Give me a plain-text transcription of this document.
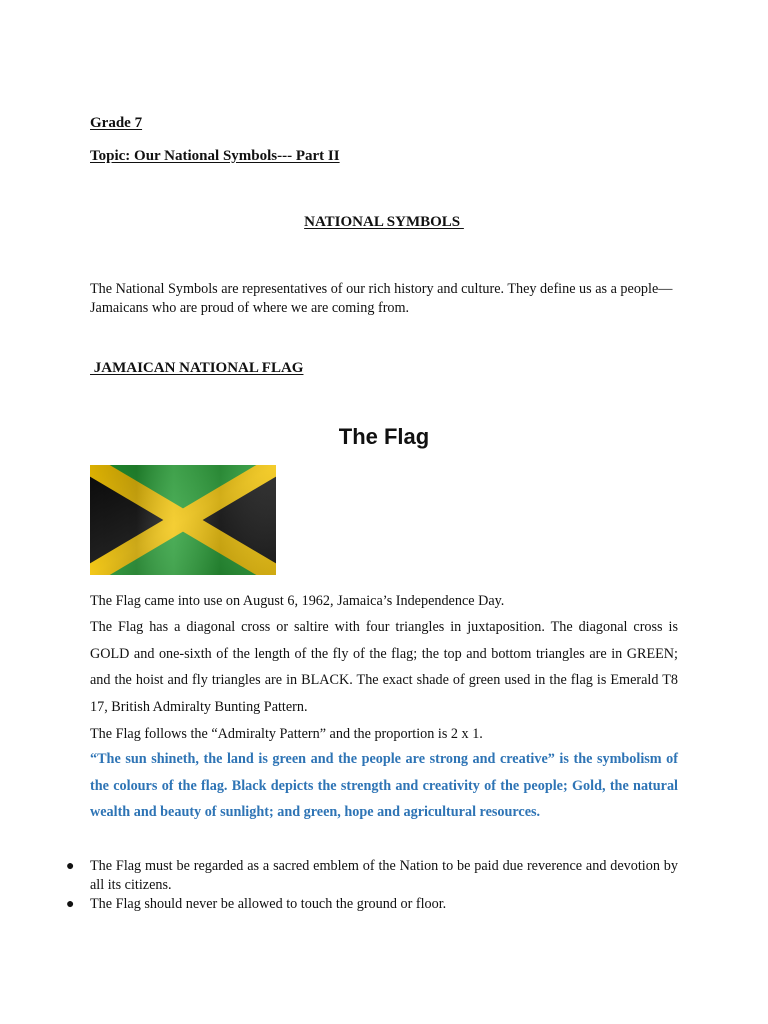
Grade 7
Topic: Our National Symbols--- Part II
NATIONAL SYMBOLS
The National Symbols are representatives of our rich history and culture. They define us as a people—Jamaicans who are proud of where we are coming from.
JAMAICAN NATIONAL FLAG
The Flag
The Flag came into use on August 6, 1962, Jamaica’s Independence Day.
The Flag has a diagonal cross or saltire with four triangles in juxtaposition. The diagonal cross is GOLD and one-sixth of the length of the fly of the flag; the top and bottom triangles are in GREEN; and the hoist and fly triangles are in BLACK. The exact shade of green used in the flag is Emerald T8 17, British Admiralty Bunting Pattern.
The Flag follows the “Admiralty Pattern” and the proportion is 2 x 1.
“The sun shineth, the land is green and the people are strong and creative” is the symbolism of the colours of the flag. Black depicts the strength and creativity of the people; Gold, the natural wealth and beauty of sunlight; and green, hope and agricultural resources.
● The Flag must be regarded as a sacred emblem of the Nation to be paid due reverence and devotion by all its citizens.
● The Flag should never be allowed to touch the ground or floor.
